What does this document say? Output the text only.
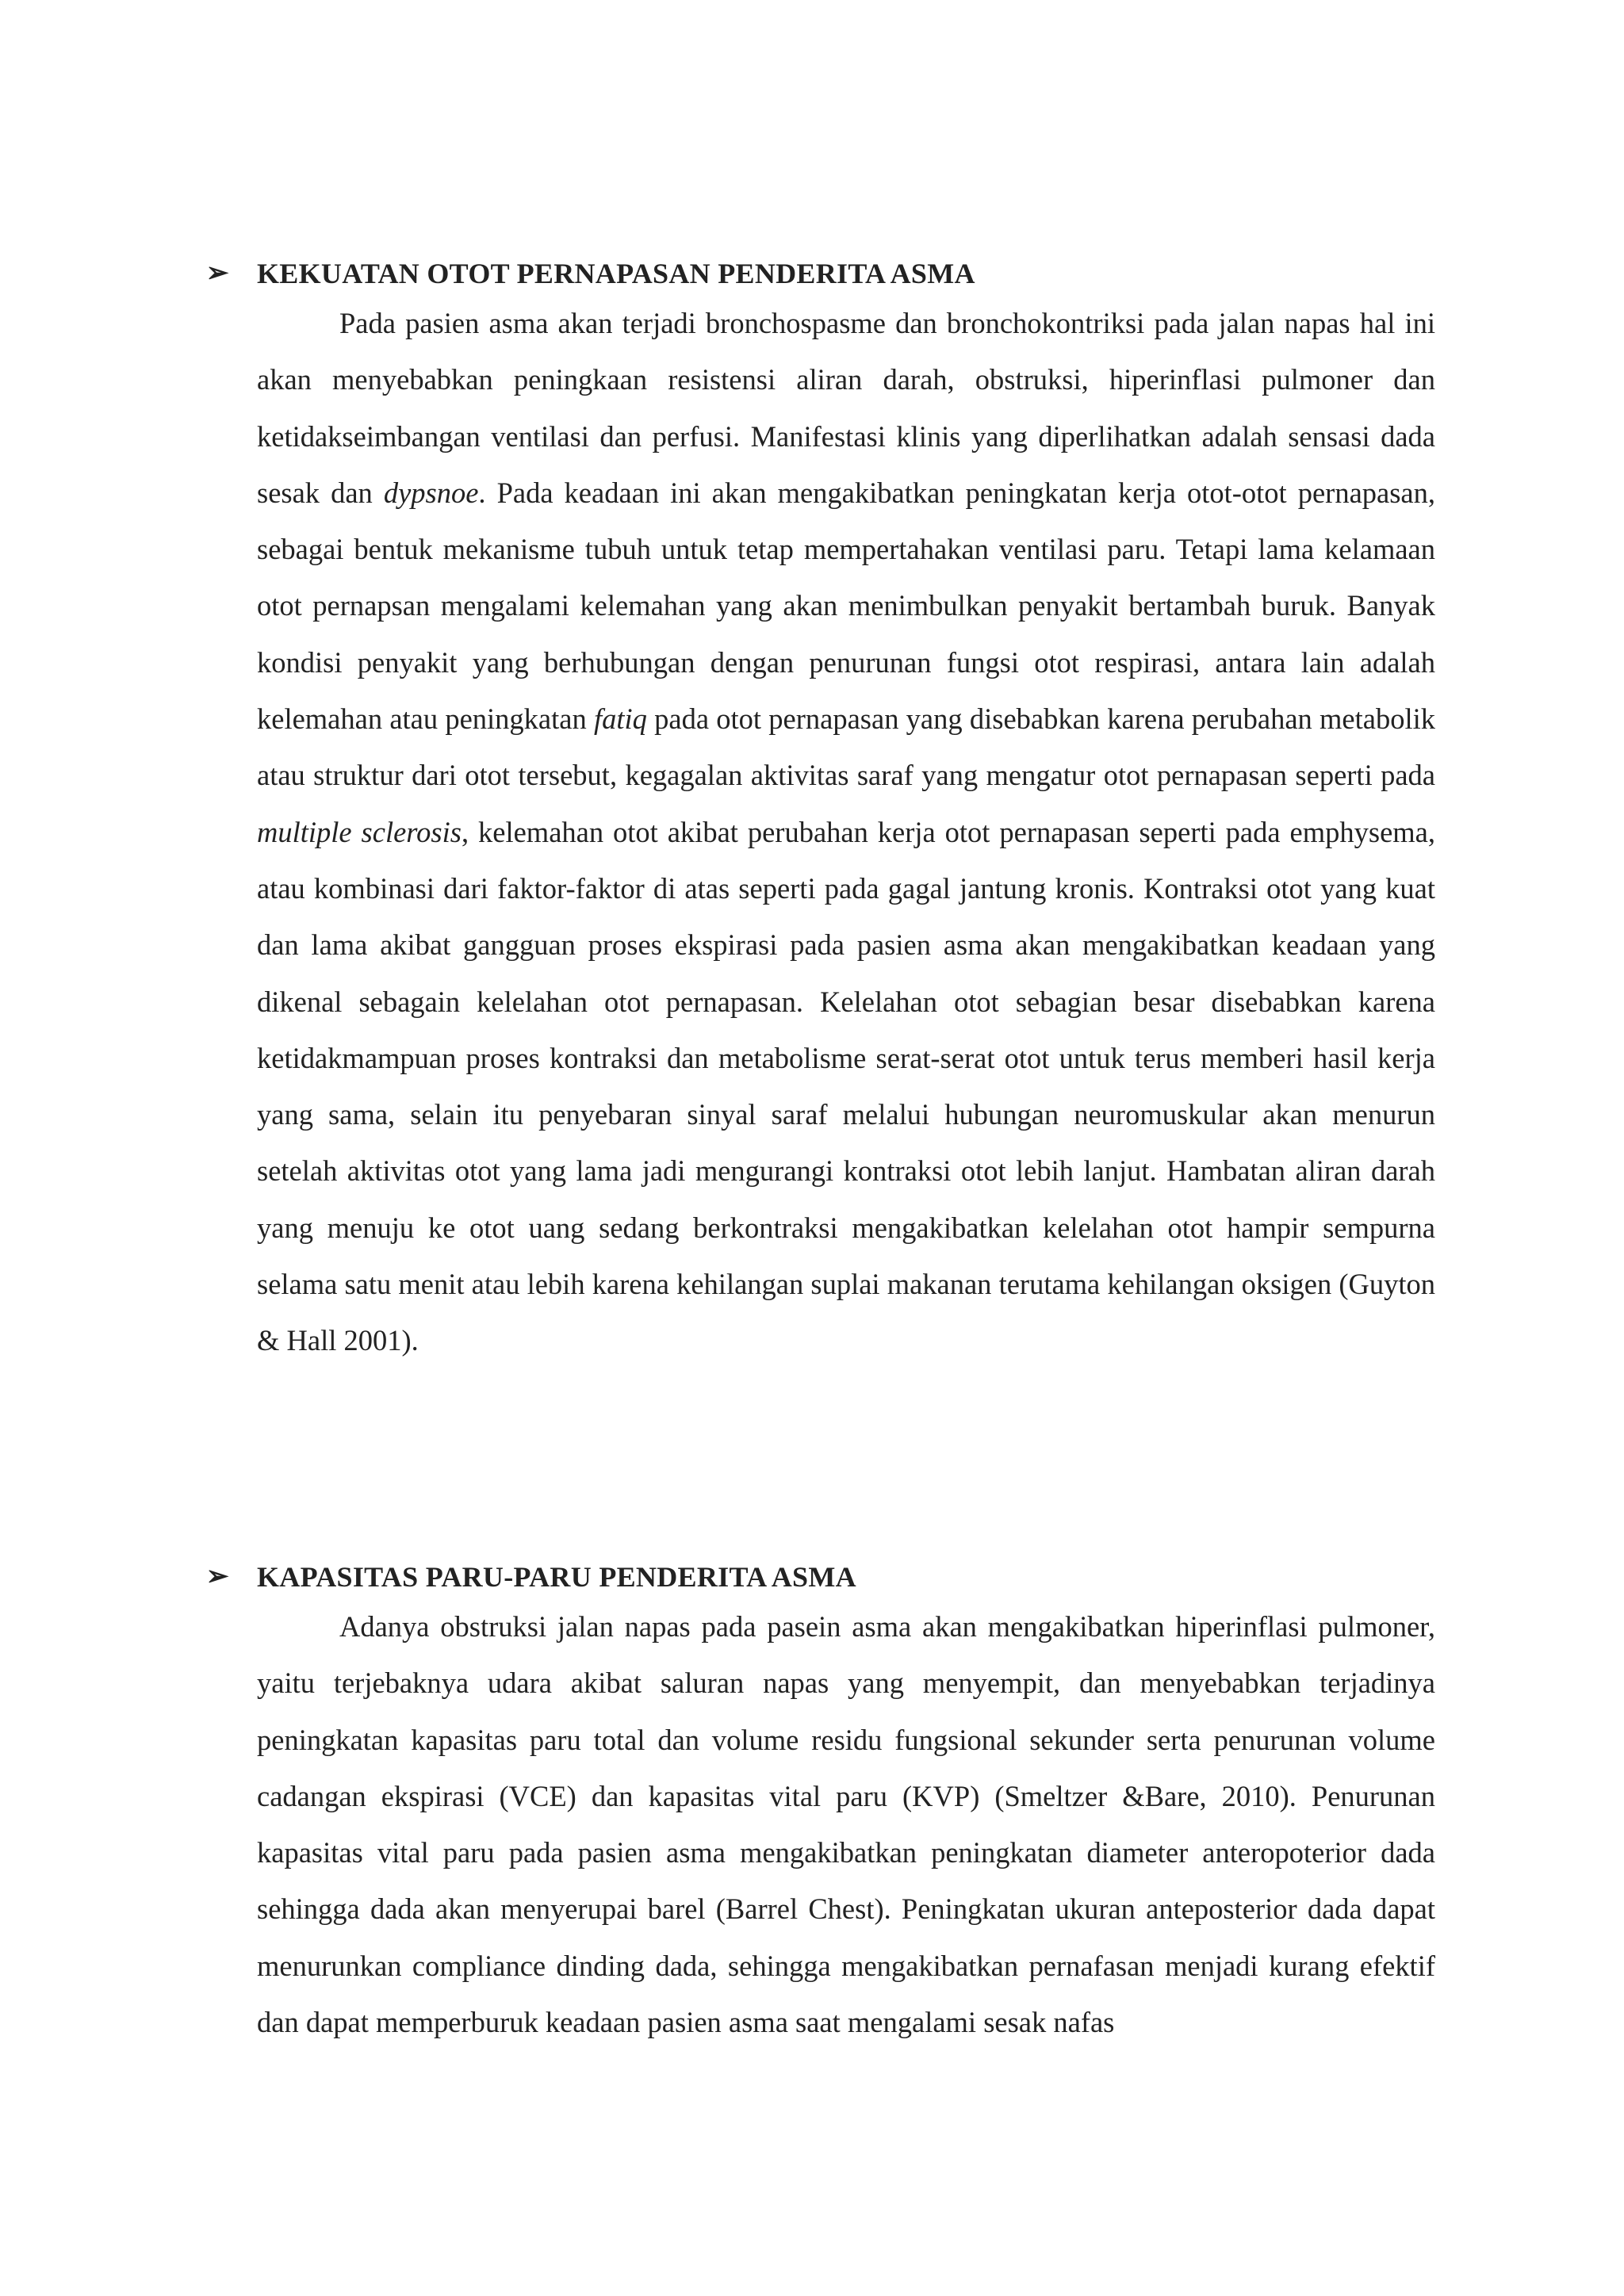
➢ KEKUATAN OTOT PERNAPASAN PENDERITA ASMA

Pada pasien asma akan terjadi bronchospasme dan bronchokontriksi pada jalan napas hal ini akan menyebabkan peningkaan resistensi aliran darah, obstruksi, hiperinflasi pulmoner dan ketidakseimbangan ventilasi dan perfusi. Manifestasi klinis yang diperlihatkan adalah sensasi dada sesak dan dypsnoe. Pada keadaan ini akan mengakibatkan peningkatan kerja otot-otot pernapasan, sebagai bentuk mekanisme tubuh untuk tetap mempertahakan ventilasi paru. Tetapi lama kelamaan otot pernapsan mengalami kelemahan yang akan menimbulkan penyakit bertambah buruk. Banyak kondisi penyakit yang berhubungan dengan penurunan fungsi otot respirasi, antara lain adalah kelemahan atau peningkatan fatiq pada otot pernapasan yang disebabkan karena perubahan metabolik atau struktur dari otot tersebut, kegagalan aktivitas saraf yang mengatur otot pernapasan seperti pada multiple sclerosis, kelemahan otot akibat perubahan kerja otot pernapasan seperti pada emphysema, atau kombinasi dari faktor-faktor di atas seperti pada gagal jantung kronis. Kontraksi otot yang kuat dan lama akibat gangguan proses ekspirasi pada pasien asma akan mengakibatkan keadaan yang dikenal sebagain kelelahan otot pernapasan. Kelelahan otot sebagian besar disebabkan karena ketidakmampuan proses kontraksi dan metabolisme serat-serat otot untuk terus memberi hasil kerja yang sama, selain itu penyebaran sinyal saraf melalui hubungan neuromuskular akan menurun setelah aktivitas otot yang lama jadi mengurangi kontraksi otot lebih lanjut. Hambatan aliran darah yang menuju ke otot uang sedang berkontraksi mengakibatkan kelelahan otot hampir sempurna selama satu menit atau lebih karena kehilangan suplai makanan terutama kehilangan oksigen (Guyton & Hall 2001).

➢ KAPASITAS PARU-PARU PENDERITA ASMA

Adanya obstruksi jalan napas pada pasein asma akan mengakibatkan hiperinflasi pulmoner, yaitu terjebaknya udara akibat saluran napas yang menyempit, dan menyebabkan terjadinya peningkatan kapasitas paru total dan volume residu fungsional sekunder serta penurunan volume cadangan ekspirasi (VCE) dan kapasitas vital paru (KVP) (Smeltzer &Bare, 2010). Penurunan kapasitas vital paru pada pasien asma mengakibatkan peningkatan diameter anteropoterior dada sehingga dada akan menyerupai barel (Barrel Chest). Peningkatan ukuran anteposterior dada dapat menurunkan compliance dinding dada, sehingga mengakibatkan pernafasan menjadi kurang efektif dan dapat memperburuk keadaan pasien asma saat mengalami sesak nafas
